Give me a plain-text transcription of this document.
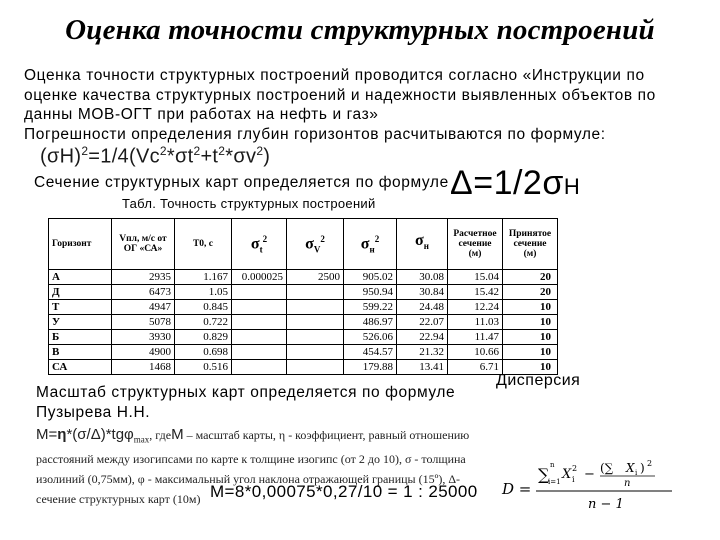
Оценка точности структурных построений
Оценка точности структурных построений проводится согласно «Инструкции по
оценке качества структурных построений и надежности выявленных объектов по
данны МОВ-ОГТ при работах на нефть и газ»
Погрешности определения глубин горизонтов расчитываются по формуле:
$(\sigma H)^2=1/4(Vc^2*\sigma t^2+t^2*\sigma v^2)$
Сечение структурных карт определяется по формуле Δ=1/2σH
Табл. Точность структурных построений
Горизонт	Vпл, м/с от ОГ «СА»	Т0, с	$\sigma_t^2$	$\sigma_V^2$	$\sigma_н^2$	$\sigma_н$	Расчетное сечение (м)	Принятое сечение (м)
А	2935	1.167	0.000025	2500	905.02	30.08	15.04	20
Д	6473	1.05			950.94	30.84	15.42	20
Т	4947	0.845			599.22	24.48	12.24	10
У	5078	0.722			486.97	22.07	11.03	10
Б	3930	0.829			526.06	22.94	11.47	10
В	4900	0.698			454.57	21.32	10.66	10
СА	1468	0.516			179.88	13.41	6.71	10
Дисперсия
Масштаб структурных карт определяется по формуле
Пузырева Н.Н.
М=η*(σ/Δ)*tgφ$_{max}$, гдеМ – масштаб карты, η - коэффициент, равный отношению
расстояний между изогипсами по карте к толщине изогипс (от 2 до 10), σ - толщина
изолиний (0,75мм), φ - максимальный угол наклона отражающей границы (15º), Δ-
сечение структурных карт (10м) М=8*0,00075*0,27/10 = 1 : 25000 D =
∑ n
i=1 X 2
i − (∑ X i ) 2
n
n − 1
